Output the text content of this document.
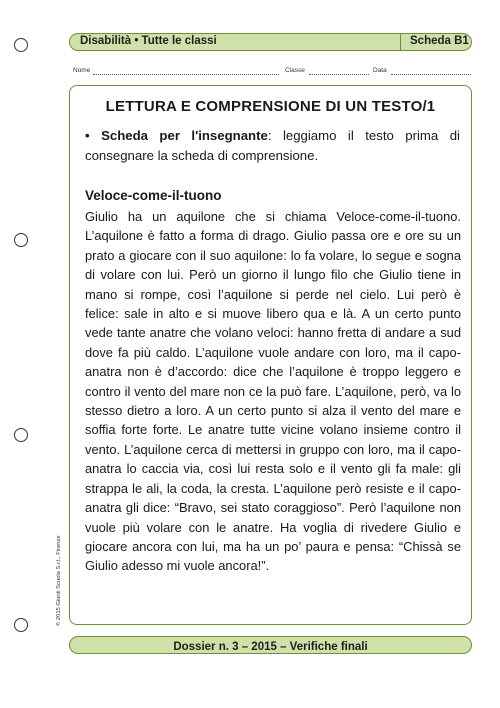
Disabilità • Tutte le classi	Scheda B1
Nome	Classe	Data
LETTURA E COMPRENSIONE DI UN TESTO/1
• Scheda per l'insegnante: leggiamo il testo prima di consegnare la scheda di comprensione.
Veloce-come-il-tuono
Giulio ha un aquilone che si chiama Veloce-come-il-tuono. L’aquilone è fatto a forma di drago. Giulio passa ore e ore su un prato a giocare con il suo aquilone: lo fa volare, lo segue e sogna di volare con lui. Però un giorno il lungo filo che Giulio tiene in mano si rompe, così l’aquilone si perde nel cielo. Lui però è felice: sale in alto e si muove libero qua e là. A un certo punto vede tante anatre che volano veloci: hanno fretta di andare a sud dove fa più caldo. L’aquilone vuole andare con loro, ma il capo-anatra non è d’accordo: dice che l’aquilone è troppo leggero e contro il vento del mare non ce la può fare. L’aquilone, però, va lo stesso dietro a loro. A un certo punto si alza il vento del mare e soffia forte forte. Le anatre tutte vicine volano insieme contro il vento. L’aquilone cerca di mettersi in gruppo con loro, ma il capo-anatra lo caccia via, così lui resta solo e il vento gli fa male: gli strappa le ali, la coda, la cresta. L’aquilone però resiste e il capo-anatra gli dice: “Bravo, sei stato coraggioso”. Però l’aquilone non vuole più volare con le anatre. Ha voglia di rivedere Giulio e giocare ancora con lui, ma ha un po’ paura e pensa: “Chissà se Giulio adesso mi vuole ancora!”.
© 2015 Giunti Scuola S.r.l., Firenze
Dossier n. 3 – 2015 – Verifiche finali
